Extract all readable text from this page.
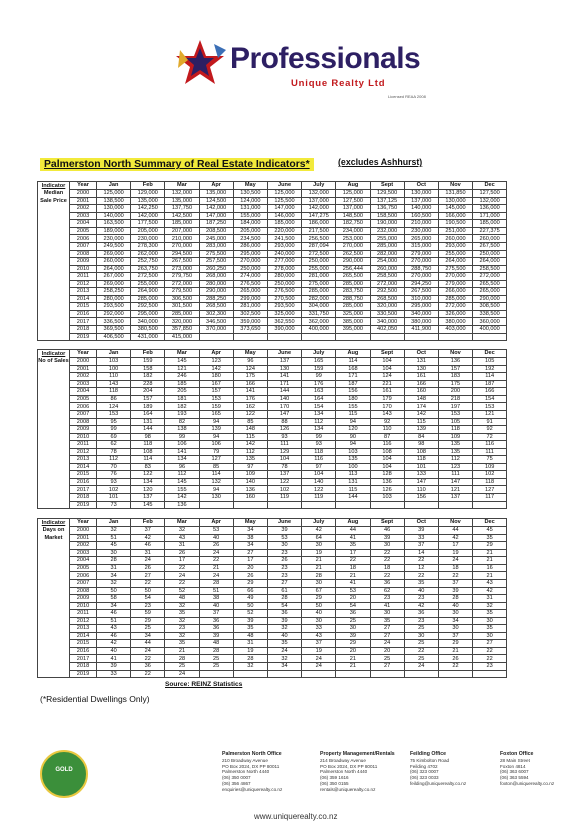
Professionals
Unique Realty Ltd
Licensed REAA 2008
Palmerston North Summary of Real Estate Indicators*	(excludes Ashhurst)
Indicator	Year	Jan	Feb	Mar	Apr	May	June	July	Aug	Sept	Oct	Nov	Dec
Median	2000	125,000	129,000	132,000	135,000	130,500	125,000	132,000	125,000	129,500	130,000	131,850	127,500
Sale Price	2001	138,500	135,000	135,000	124,500	124,000	125,500	137,000	127,500	137,125	137,000	130,000	132,000
	2002	130,000	142,250	137,750	142,000	131,000	147,000	142,000	137,000	136,750	140,000	145,000	136,000
	2003	140,000	142,000	142,500	147,000	155,000	146,000	147,275	148,500	158,500	160,500	166,000	171,000
	2004	163,500	177,500	185,000	187,250	184,000	185,000	186,000	182,750	190,000	210,000	190,500	185,000
	2005	189,000	205,000	207,000	208,500	205,000	220,000	217,500	234,000	232,000	230,000	251,000	227,375
	2006	230,000	230,000	210,000	245,000	234,500	241,500	256,500	253,000	255,000	265,000	260,000	260,000
	2007	249,500	278,300	270,000	283,000	286,000	293,000	287,094	270,000	285,000	315,000	293,000	267,500
	2008	269,000	262,000	294,500	275,500	295,000	240,000	272,500	262,500	282,000	279,000	255,000	250,000
	2009	260,000	252,750	267,500	257,500	270,000	277,000	250,000	290,000	254,000	270,000	264,000	264,000
	2010	264,000	263,750	273,000	260,250	250,000	278,000	255,000	256,444	260,000	288,750	275,500	258,500
	2011	267,000	272,500	279,750	268,000	274,000	280,000	281,000	265,500	258,500	270,000	270,000	272,000
	2012	269,000	255,000	272,000	280,000	276,500	250,000	275,000	285,000	272,000	294,250	279,000	265,500
	2013	258,250	264,900	279,500	290,000	265,000	276,500	285,000	283,750	292,500	267,500	266,000	265,000
	2014	280,000	285,000	306,500	288,250	299,000	270,500	282,000	288,750	268,500	310,000	285,000	290,000
	2015	293,500	292,500	301,500	268,500	281,000	293,500	304,000	285,000	320,000	295,000	272,000	308,500
	2016	292,000	295,000	285,000	302,300	302,500	325,000	331,750	325,000	330,500	340,000	326,000	338,500
	2017	336,500	340,000	320,000	346,500	359,000	362,550	362,000	385,000	340,000	380,000	380,000	360,000
	2018	369,500	380,500	357,850	370,000	373,650	390,000	400,000	395,000	402,050	411,900	403,000	400,000
	2019	406,500	431,000	415,000									
Indicator	Year	Jan	Feb	Mar	Apr	May	June	July	Aug	Sept	Oct	Nov	Dec
No of Sales	2000	103	159	145	123	96	137	165	114	104	131	136	105
	2001	100	158	121	142	124	130	159	168	104	130	157	192
	2002	110	182	246	180	175	141	99	171	124	161	183	114
	2003	143	228	185	167	166	171	176	187	221	166	175	187
	2004	118	204	205	157	141	144	163	156	161	160	200	166
	2005	86	157	181	153	176	140	164	180	179	148	218	154
	2006	124	189	182	159	162	170	154	155	170	174	197	153
	2007	153	164	193	165	122	147	134	115	143	142	153	121
	2008	95	131	82	94	85	88	112	94	92	115	105	91
	2009	99	144	138	139	148	126	134	120	110	139	118	92
	2010	69	98	99	94	115	93	99	90	87	84	109	72
	2011	62	118	106	106	142	111	93	94	116	98	135	116
	2012	78	108	141	79	112	129	118	103	108	108	135	111
	2013	112	114	134	127	135	104	116	135	104	118	112	75
	2014	70	83	96	85	97	78	97	100	104	101	123	109
	2015	76	122	112	114	109	137	104	113	128	133	111	102
	2016	93	134	145	132	140	122	140	131	136	147	147	118
	2017	102	120	155	94	136	102	122	115	126	110	121	127
	2018	101	137	142	130	160	119	119	144	103	156	137	117
	2019	73	145	136									
Indicator	Year	Jan	Feb	Mar	Apr	May	June	July	Aug	Sept	Oct	Nov	Dec
Days on	2000	32	37	32	53	34	39	42	44	46	39	44	45
Market	2001	51	42	43	40	38	53	64	41	39	33	42	35
	2002	45	46	31	26	34	30	30	35	30	37	17	29
	2003	30	31	26	24	27	23	19	17	22	14	19	21
	2004	28	24	17	22	17	26	21	22	22	22	24	21
	2005	31	26	22	21	20	23	21	18	18	12	18	16
	2006	34	27	24	24	26	23	28	21	22	22	22	21
	2007	32	22	22	28	29	27	30	41	36	35	37	43
	2008	50	50	52	51	66	61	67	53	62	40	39	42
	2009	58	54	48	38	49	28	29	20	23	23	28	31
	2010	34	23	32	40	50	54	50	54	41	42	40	32
	2011	46	59	35	37	52	36	40	36	30	36	30	35
	2012	51	29	32	36	39	39	30	25	35	23	34	30
	2013	43	25	23	36	35	32	33	30	27	25	30	35
	2014	46	34	32	39	48	40	43	39	27	30	37	30
	2015	42	44	35	48	31	35	37	29	24	25	29	27
	2016	40	24	21	28	19	24	19	20	20	22	21	22
	2017	41	22	28	25	28	32	24	21	25	25	26	22
	2018	39	36	25	25	32	34	24	21	27	24	22	23
	2019	33	22	24									
Source: REINZ Statistics
(*Residential Dwellings Only)
GOLD
Palmerston North Office
210 Broadway Avenue
PO Box 2024, DX PP 80011
Palmerston North 4440
(06) 350 0007
(06) 356 4867
enquiries@uniquerealty.co.nz
Property Management/Rentals
214 Broadway Avenue
PO Box 2024, DX PP 80011
Palmerston North 4440
(06) 359 1616
(06) 350 0155
rentals@uniquerealty.co.nz
Feilding Office
75 Kimbolton Road
Feilding 4702
(06) 323 0007
(06) 323 0033
feilding@uniquerealty.co.nz
Foxton Office
28 Main Street
Foxton 4814
(06) 363 6007
(06) 363 5594
foxton@uniquerealty.co.nz
www.uniquerealty.co.nz
